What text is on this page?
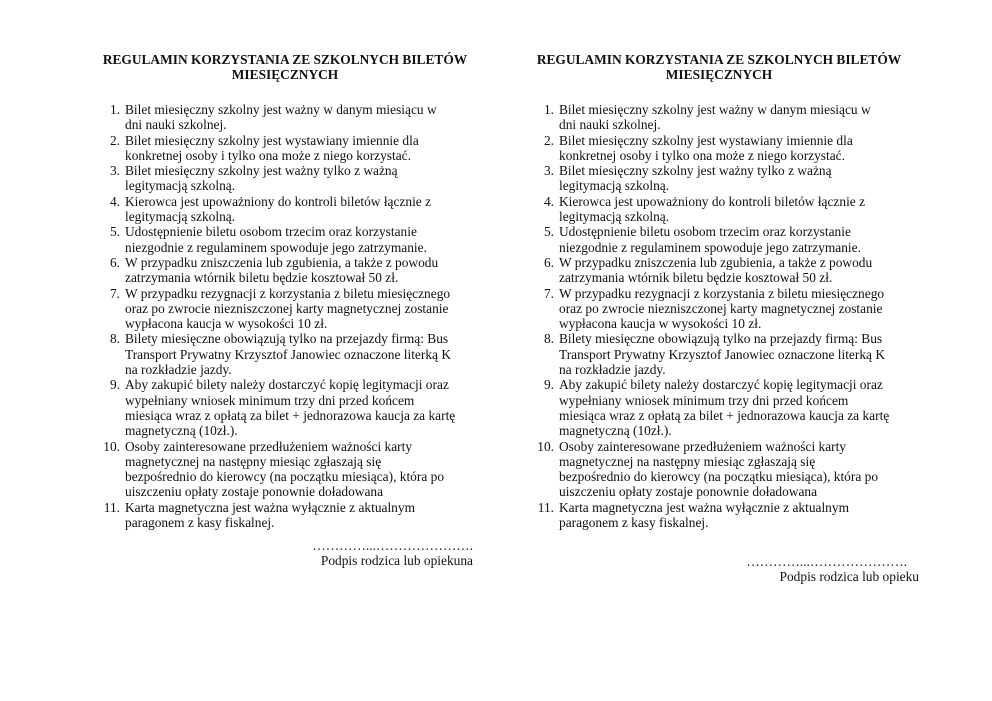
REGULAMIN KORZYSTANIA ZE SZKOLNYCH BILETÓW
MIESIĘCZNYCH
1. Bilet miesięczny szkolny jest ważny w danym miesiącu w
dni nauki szkolnej.
2. Bilet miesięczny szkolny jest wystawiany imiennie dla
konkretnej osoby i tylko ona może z niego korzystać.
3. Bilet miesięczny szkolny jest ważny tylko z ważną
legitymacją szkolną.
4. Kierowca jest upoważniony do kontroli biletów łącznie z
legitymacją szkolną.
5. Udostępnienie biletu osobom trzecim oraz korzystanie
niezgodnie z regulaminem spowoduje jego zatrzymanie.
6. W przypadku zniszczenia lub zgubienia, a także z powodu
zatrzymania wtórnik biletu będzie kosztował 50 zł.
7. W przypadku rezygnacji z korzystania z biletu miesięcznego
oraz po zwrocie niezniszczonej karty magnetycznej zostanie
wypłacona kaucja w wysokości 10 zł.
8. Bilety miesięczne obowiązują tylko na przejazdy firmą: Bus
Transport Prywatny Krzysztof Janowiec oznaczone literką K
na rozkładzie jazdy.
9. Aby zakupić bilety należy dostarczyć kopię legitymacji oraz
wypełniany wniosek minimum trzy dni przed końcem
miesiąca wraz z opłatą za bilet + jednorazowa kaucja za kartę
magnetyczną (10zł.).
10. Osoby zainteresowane przedłużeniem ważności karty
magnetycznej na następny miesiąc zgłaszają się
bezpośrednio do kierowcy (na początku miesiąca), która po
uiszczeniu opłaty zostaje ponownie doładowana
11. Karta magnetyczna jest ważna wyłącznie z aktualnym
paragonem z kasy fiskalnej.
…………...………………….
Podpis rodzica lub opiekuna
REGULAMIN KORZYSTANIA ZE SZKOLNYCH BILETÓW
MIESIĘCZNYCH
1. Bilet miesięczny szkolny jest ważny w danym miesiącu w
dni nauki szkolnej.
2. Bilet miesięczny szkolny jest wystawiany imiennie dla
konkretnej osoby i tylko ona może z niego korzystać.
3. Bilet miesięczny szkolny jest ważny tylko z ważną
legitymacją szkolną.
4. Kierowca jest upoważniony do kontroli biletów łącznie z
legitymacją szkolną.
5. Udostępnienie biletu osobom trzecim oraz korzystanie
niezgodnie z regulaminem spowoduje jego zatrzymanie.
6. W przypadku zniszczenia lub zgubienia, a także z powodu
zatrzymania wtórnik biletu będzie kosztował 50 zł.
7. W przypadku rezygnacji z korzystania z biletu miesięcznego
oraz po zwrocie niezniszczonej karty magnetycznej zostanie
wypłacona kaucja w wysokości 10 zł.
8. Bilety miesięczne obowiązują tylko na przejazdy firmą: Bus
Transport Prywatny Krzysztof Janowiec oznaczone literką K
na rozkładzie jazdy.
9. Aby zakupić bilety należy dostarczyć kopię legitymacji oraz
wypełniany wniosek minimum trzy dni przed końcem
miesiąca wraz z opłatą za bilet + jednorazowa kaucja za kartę
magnetyczną (10zł.).
10. Osoby zainteresowane przedłużeniem ważności karty
magnetycznej na następny miesiąc zgłaszają się
bezpośrednio do kierowcy (na początku miesiąca), która po
uiszczeniu opłaty zostaje ponownie doładowana
11. Karta magnetyczna jest ważna wyłącznie z aktualnym
paragonem z kasy fiskalnej.
…………...………………….
Podpis rodzica lub opieku
